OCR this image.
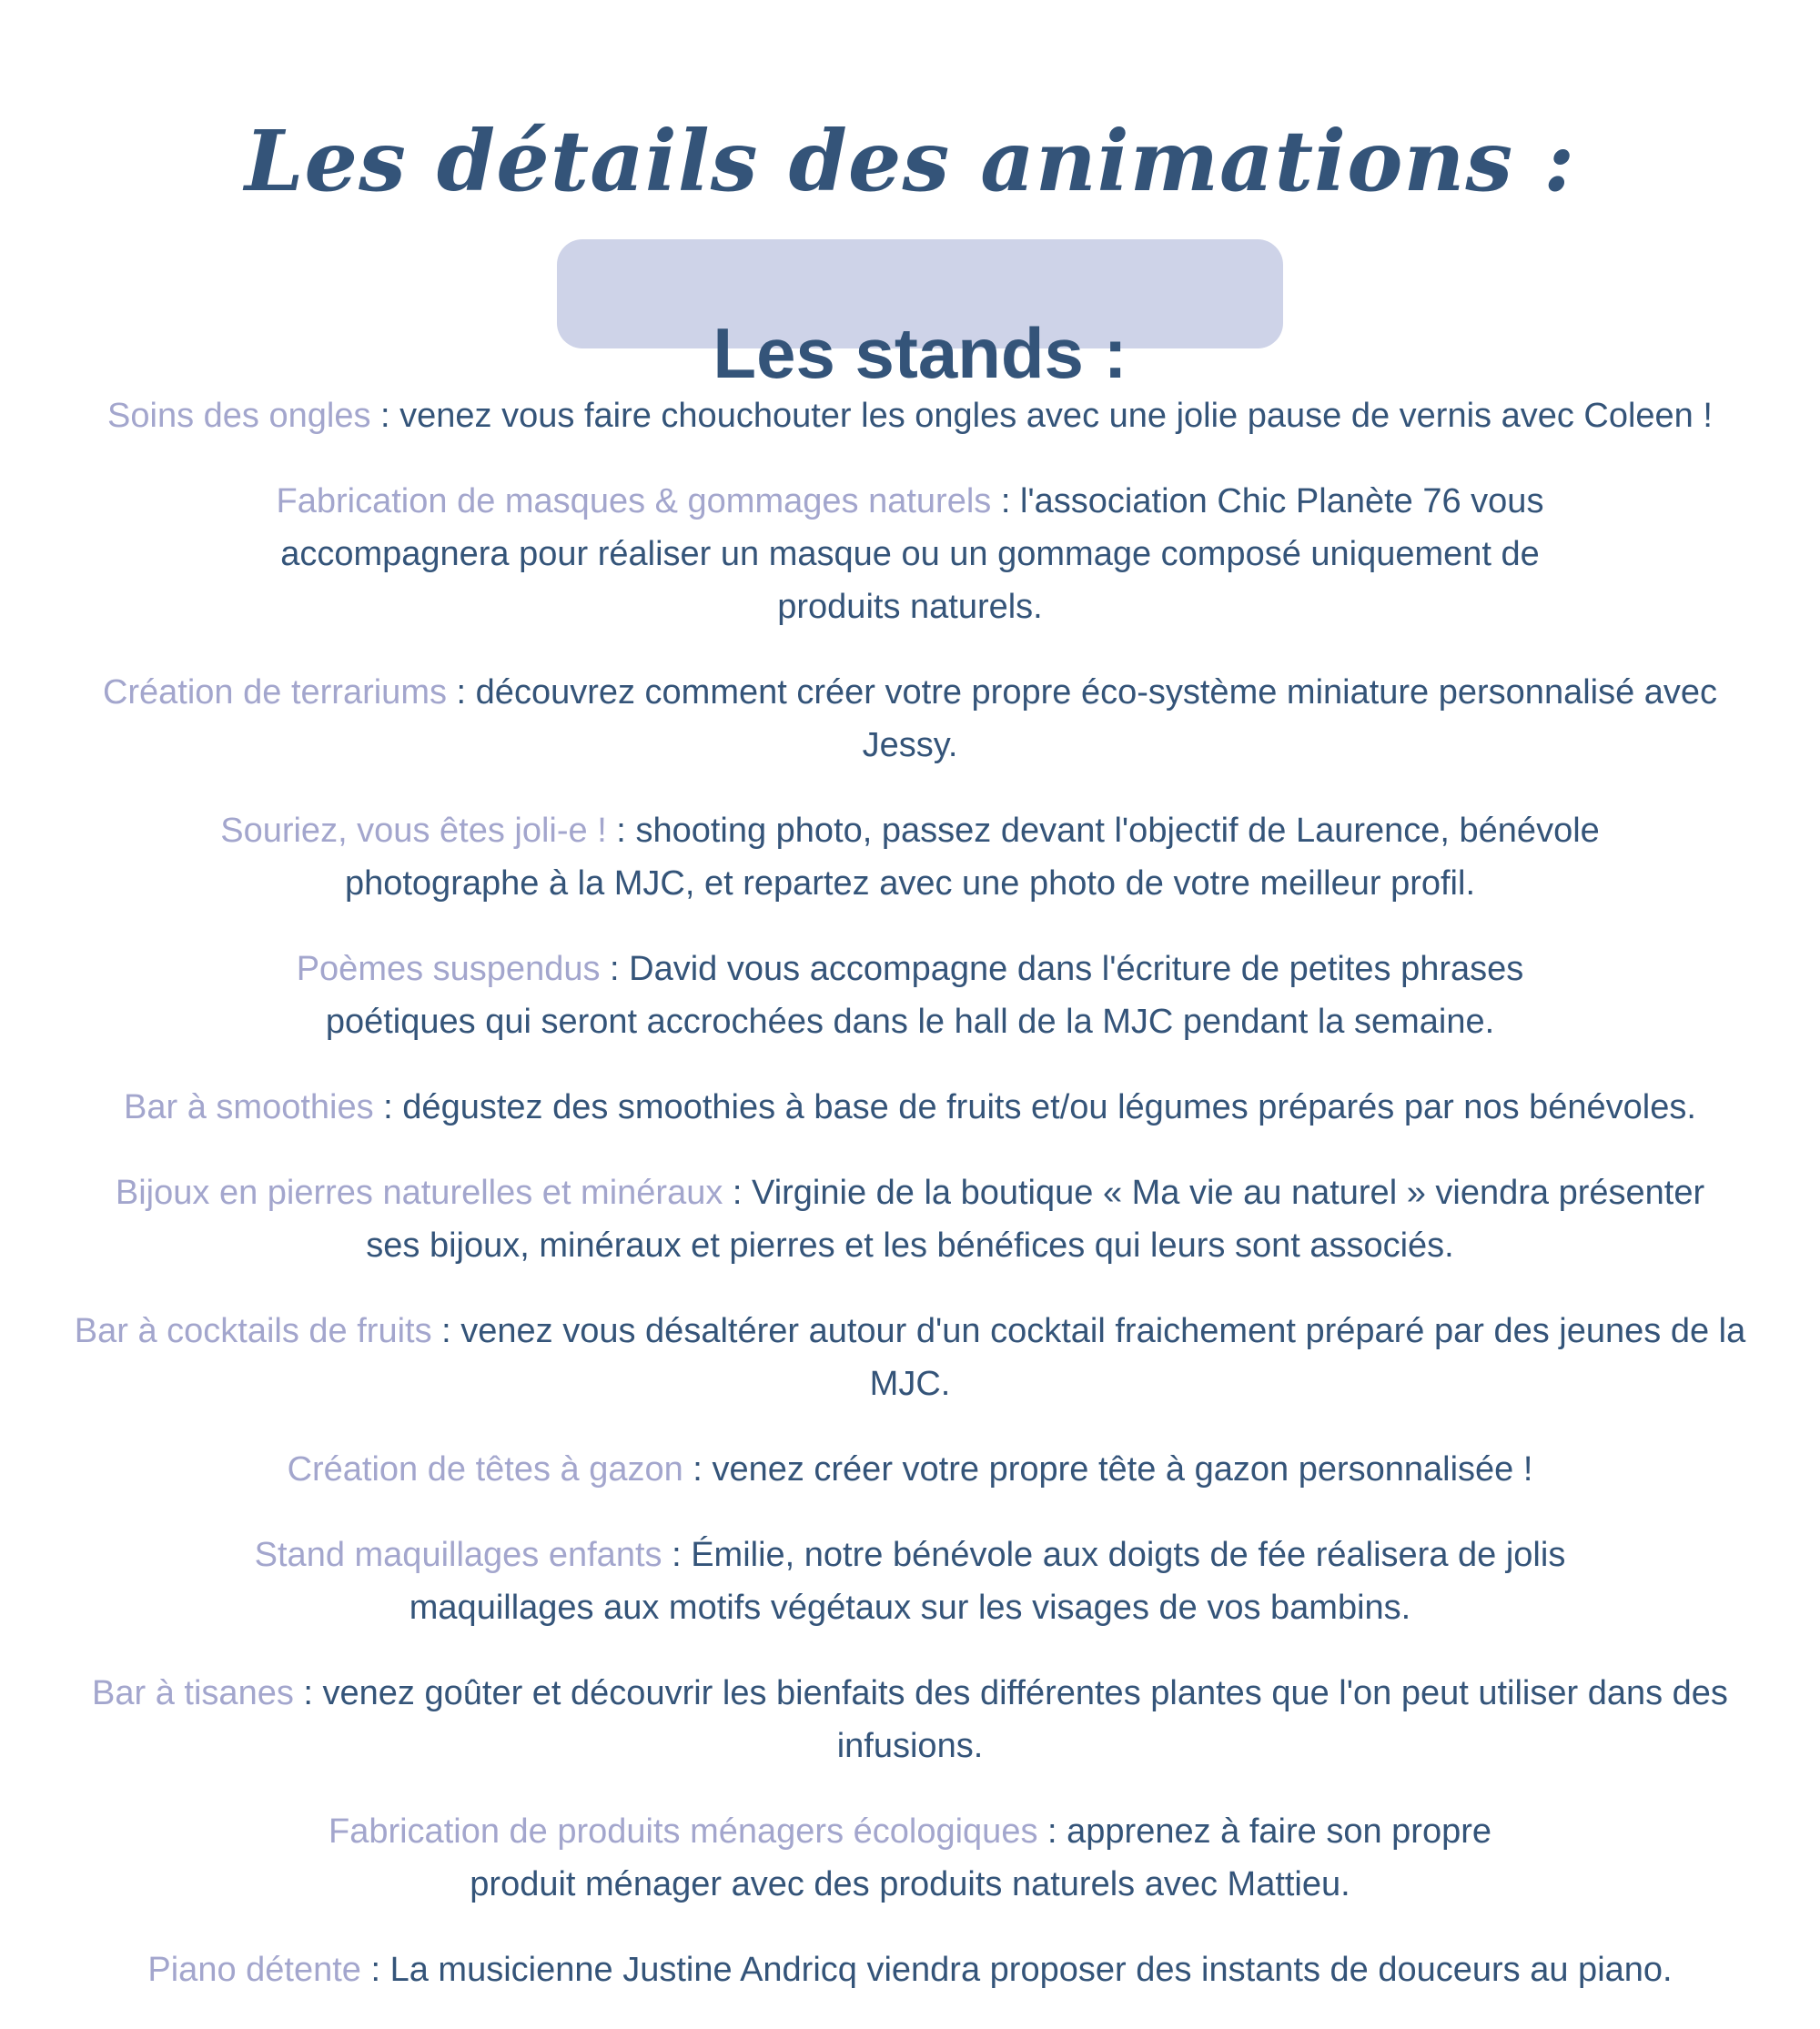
Les détails des animations :
Les stands :

Soins des ongles : venez vous faire chouchouter les ongles avec une jolie pause de vernis avec Coleen !

Fabrication de masques & gommages naturels : l'association Chic Planète 76 vous accompagnera pour réaliser un masque ou un gommage composé uniquement de produits naturels.

Création de terrariums : découvrez comment créer votre propre éco-système miniature personnalisé avec Jessy.

Souriez, vous êtes joli-e ! : shooting photo, passez devant l'objectif de Laurence, bénévole photographe à la MJC, et repartez avec une photo de votre meilleur profil.

Poèmes suspendus : David vous accompagne dans l'écriture de petites phrases poétiques qui seront accrochées dans le hall de la MJC pendant la semaine.

Bar à smoothies : dégustez des smoothies à base de fruits et/ou légumes préparés par nos bénévoles.

Bijoux en pierres naturelles et minéraux : Virginie de la boutique « Ma vie au naturel » viendra présenter ses bijoux, minéraux et pierres et les bénéfices qui leurs sont associés.

Bar à cocktails de fruits : venez vous désaltérer autour d'un cocktail fraichement préparé par des jeunes de la MJC.

Création de têtes à gazon : venez créer votre propre tête à gazon personnalisée !

Stand maquillages enfants : Émilie, notre bénévole aux doigts de fée réalisera de jolis maquillages aux motifs végétaux sur les visages de vos bambins.

Bar à tisanes : venez goûter et découvrir les bienfaits des différentes plantes que l'on peut utiliser dans des infusions.

Fabrication de produits ménagers écologiques : apprenez à faire son propre produit ménager avec des produits naturels avec Mattieu.

Piano détente : La musicienne Justine Andricq viendra proposer des instants de douceurs au piano.
